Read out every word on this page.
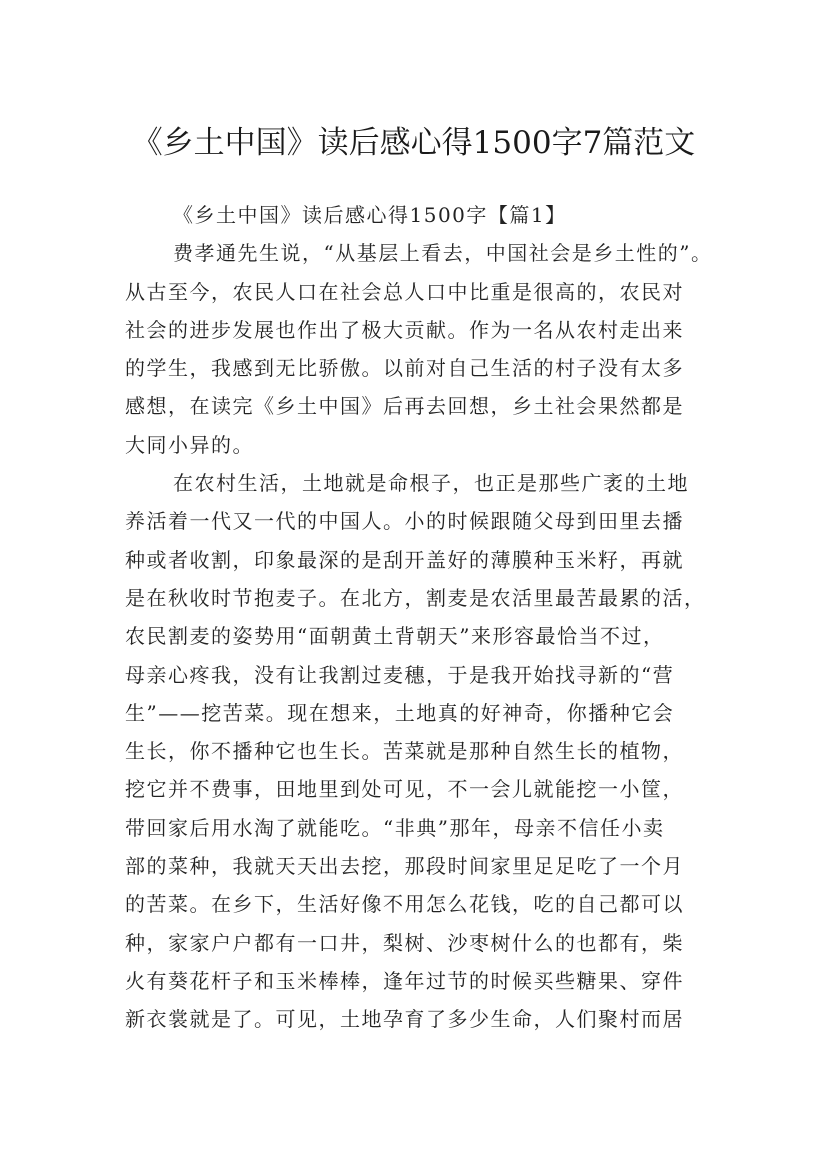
《乡土中国》读后感心得1500字7篇范文
《乡土中国》读后感心得1500字【篇1】
费孝通先生说，“从基层上看去，中国社会是乡土性的”。
从古至今，农民人口在社会总人口中比重是很高的，农民对
社会的进步发展也作出了极大贡献。作为一名从农村走出来
的学生，我感到无比骄傲。以前对自己生活的村子没有太多
感想，在读完《乡土中国》后再去回想，乡土社会果然都是
大同小异的。
在农村生活，土地就是命根子，也正是那些广袤的土地
养活着一代又一代的中国人。小的时候跟随父母到田里去播
种或者收割，印象最深的是刮开盖好的薄膜种玉米籽，再就
是在秋收时节抱麦子。在北方，割麦是农活里最苦最累的活，
农民割麦的姿势用“面朝黄土背朝天”来形容最恰当不过，
母亲心疼我，没有让我割过麦穗，于是我开始找寻新的“营
生”——挖苦菜。现在想来，土地真的好神奇，你播种它会
生长，你不播种它也生长。苦菜就是那种自然生长的植物，
挖它并不费事，田地里到处可见，不一会儿就能挖一小筐，
带回家后用水淘了就能吃。“非典”那年，母亲不信任小卖
部的菜种，我就天天出去挖，那段时间家里足足吃了一个月
的苦菜。在乡下，生活好像不用怎么花钱，吃的自己都可以
种，家家户户都有一口井，梨树、沙枣树什么的也都有，柴
火有葵花杆子和玉米棒棒，逢年过节的时候买些糖果、穿件
新衣裳就是了。可见，土地孕育了多少生命，人们聚村而居
